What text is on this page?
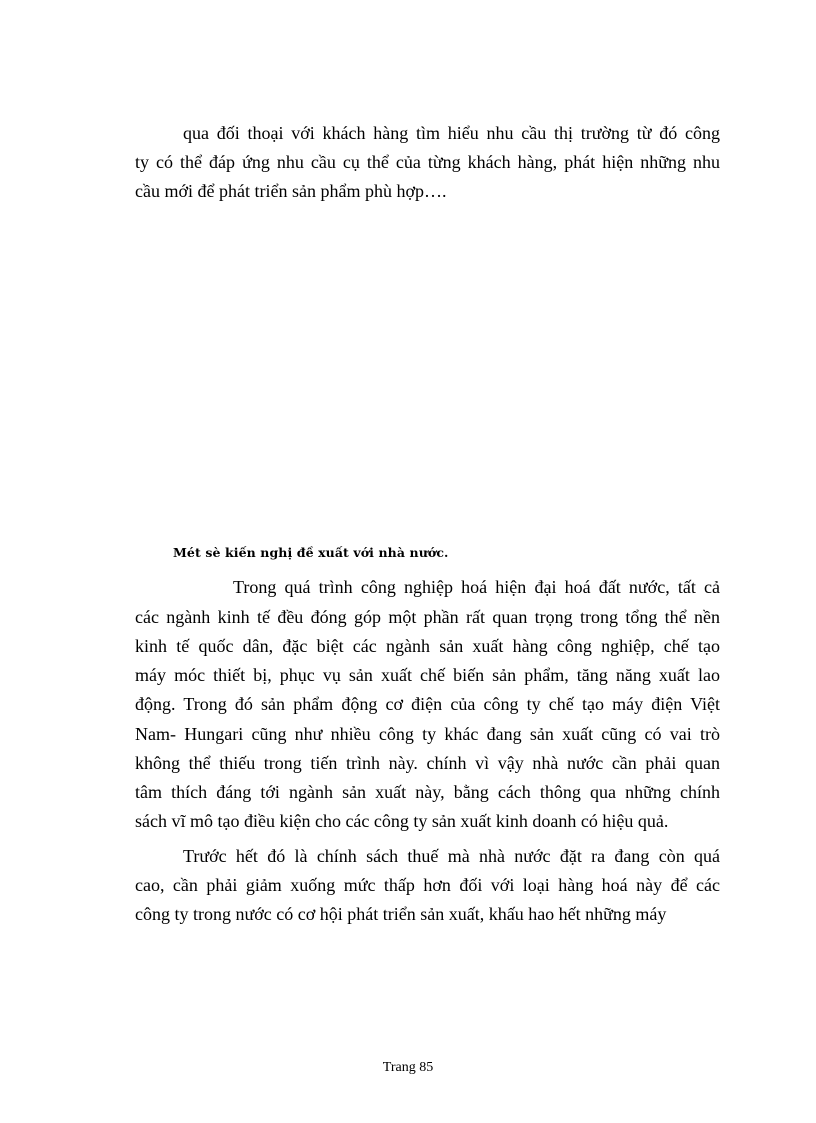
qua đối thoại với khách hàng tìm hiểu nhu cầu thị trường từ đó công
ty có thể đáp ứng nhu cầu cụ thể của từng khách hàng, phát hiện những nhu
cầu mới để phát triển sản phẩm phù hợp….
Mét sè kiến nghị đề xuất với nhà nước.
Trong quá trình công nghiệp hoá hiện đại hoá đất nước, tất cả
các ngành kinh tế đều đóng góp một phần rất quan trọng trong tổng thể nền
kinh tế quốc dân, đặc biệt các ngành sản xuất hàng công nghiệp, chế tạo
máy móc thiết bị, phục vụ sản xuất chế biến sản phẩm, tăng năng xuất lao
động. Trong đó sản phẩm động cơ điện của công ty chế tạo máy điện Việt
Nam- Hungari cũng như nhiều công ty khác đang sản xuất cũng có vai trò
không thể thiếu trong tiến trình này. chính vì vậy nhà nước cần phải quan
tâm thích đáng tới ngành sản xuất này, bằng cách thông qua những chính
sách vĩ mô tạo điều kiện cho các công ty sản xuất kinh doanh có hiệu quả.
Trước hết đó là chính sách thuế mà nhà nước đặt ra đang còn quá
cao, cần phải giảm xuống mức thấp hơn đối với loại hàng hoá này để các
công ty trong nước có cơ hội phát triển sản xuất, khấu hao hết những máy
Trang 85
